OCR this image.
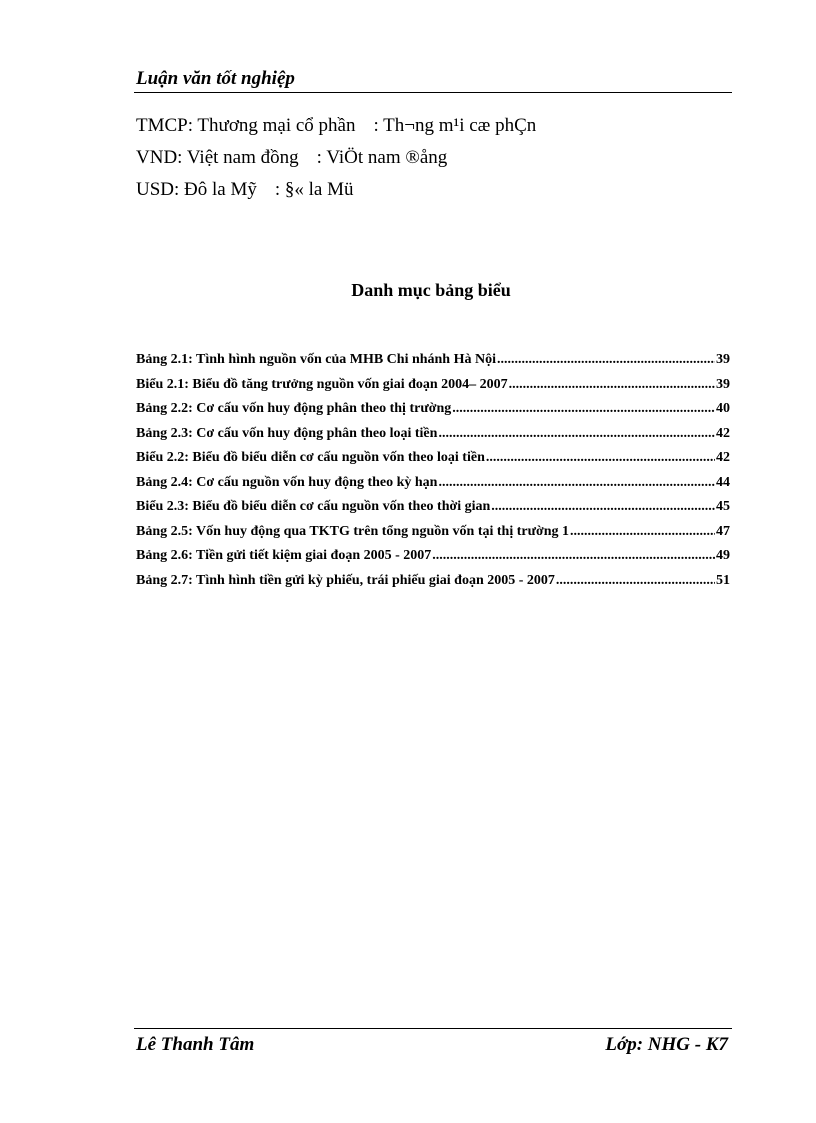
Luận văn tốt nghiệp
TMCP: Thương mại cổ phần : Th¬ng m¹i cæ phÇn
VND: Việt nam đồng : ViÖt nam ®ång
USD: Đô la Mỹ : §« la Mü
Danh mục bảng biểu
Bảng 2.1: Tình hình nguồn vốn của MHB Chi nhánh Hà Nội .....	39
Biểu 2.1: Biểu đồ tăng trưởng nguồn vốn giai đoạn 2004– 2007 .....	39
Bảng 2.2: Cơ cấu vốn huy động phân theo thị trường .....	40
Bảng 2.3: Cơ cấu vốn huy động phân theo loại tiền .....	42
Biểu 2.2: Biểu đồ biểu diễn cơ cấu nguồn vốn theo loại tiền .....	42
Bảng 2.4: Cơ cấu nguồn vốn huy động theo kỳ hạn .....	44
Biểu 2.3: Biểu đồ biểu diễn cơ cấu nguồn vốn theo thời gian .....	45
Bảng 2.5: Vốn huy động qua TKTG trên tổng nguồn vốn tại thị trường 1 .....	47
Bảng 2.6: Tiền gửi tiết kiệm giai đoạn 2005 - 2007 .....	49
Bảng 2.7: Tình hình tiền gửi kỳ phiếu, trái phiếu giai đoạn 2005 - 2007 .....	51
Lê Thanh Tâm	Lớp: NHG - K7
